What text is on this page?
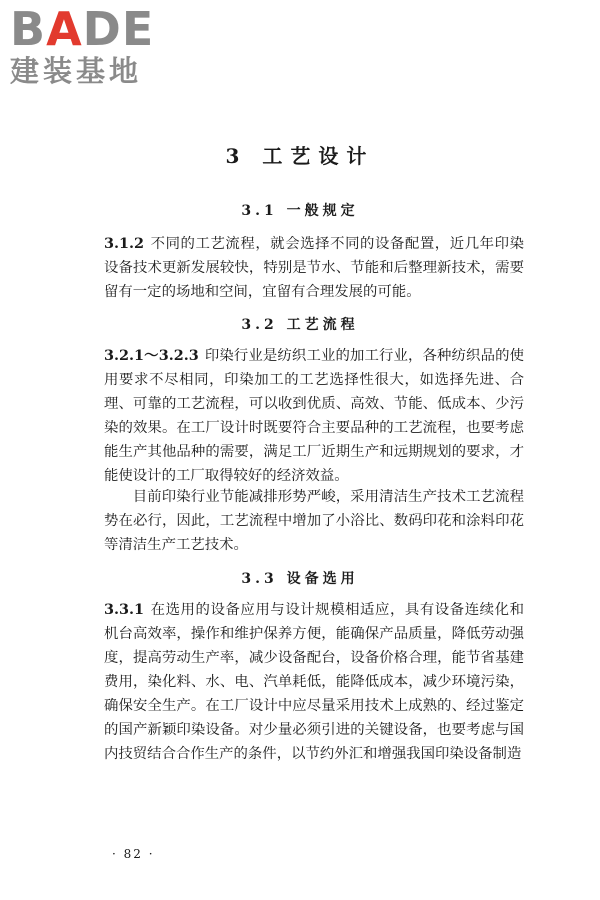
BADE
建装基地
3 工艺设计
3.1 一般规定
3.1.2 不同的工艺流程，就会选择不同的设备配置，近几年印染设备技术更新发展较快，特别是节水、节能和后整理新技术，需要留有一定的场地和空间，宜留有合理发展的可能。
3.2 工艺流程
3.2.1～3.2.3 印染行业是纺织工业的加工行业，各种纺织品的使用要求不尽相同，印染加工的工艺选择性很大，如选择先进、合理、可靠的工艺流程，可以收到优质、高效、节能、低成本、少污染的效果。在工厂设计时既要符合主要品种的工艺流程，也要考虑能生产其他品种的需要，满足工厂近期生产和远期规划的要求，才能使设计的工厂取得较好的经济效益。
目前印染行业节能减排形势严峻，采用清洁生产技术工艺流程势在必行，因此，工艺流程中增加了小浴比、数码印花和涂料印花等清洁生产工艺技术。
3.3 设备选用
3.3.1 在选用的设备应用与设计规模相适应，具有设备连续化和机台高效率，操作和维护保养方便，能确保产品质量，降低劳动强度，提高劳动生产率，减少设备配台，设备价格合理，能节省基建费用，染化料、水、电、汽单耗低，能降低成本，减少环境污染，确保安全生产。在工厂设计中应尽量采用技术上成熟的、经过鉴定的国产新颖印染设备。对少量必须引进的关键设备，也要考虑与国内技贸结合合作生产的条件，以节约外汇和增强我国印染设备制造
· 82 ·
